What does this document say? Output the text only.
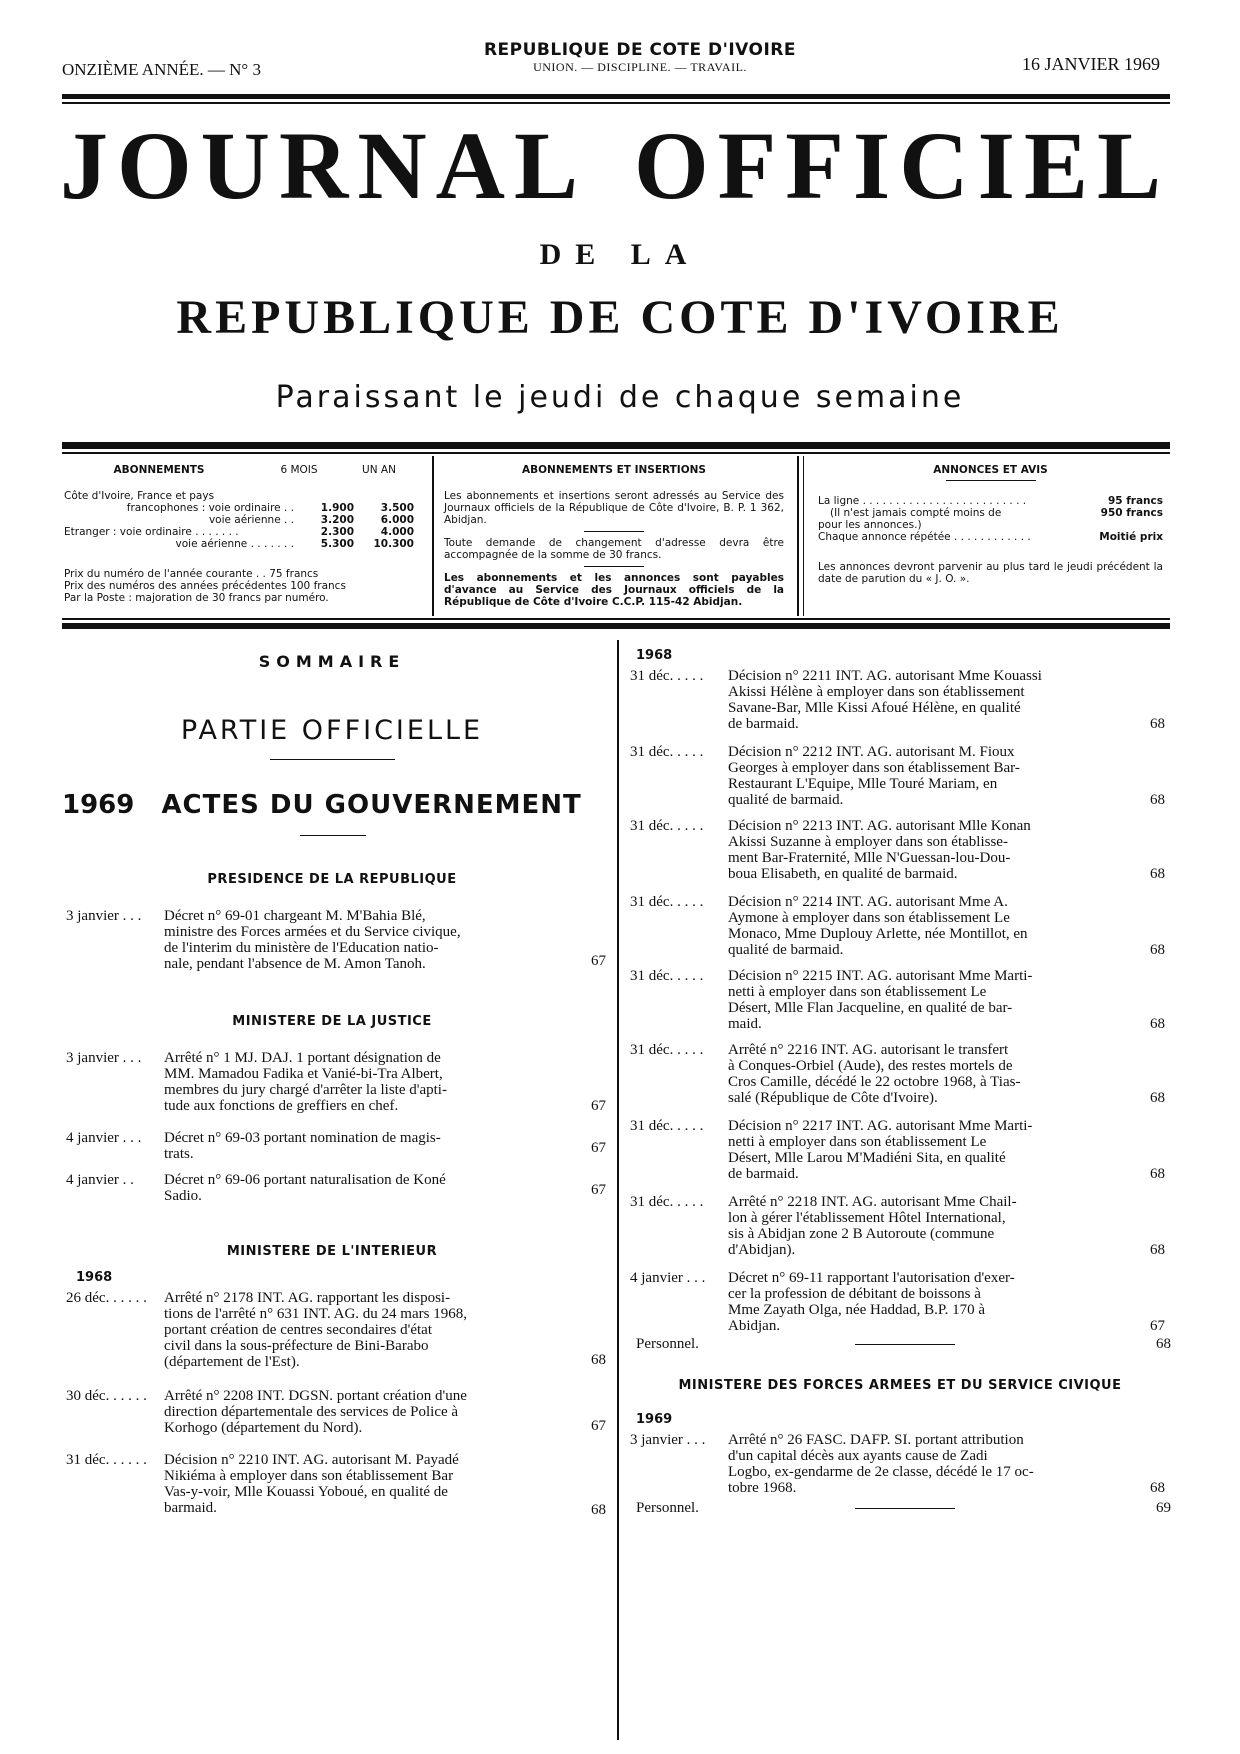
ONZIÈME ANNÉE. — N° 3
REPUBLIQUE DE COTE D'IVOIRE
UNION. — DISCIPLINE. — TRAVAIL.	16 JANVIER 1969
JOURNAL OFFICIEL
DE LA
REPUBLIQUE DE COTE D'IVOIRE
Paraissant le jeudi de chaque semaine
ABONNEMENTS	6 MOIS	UN AN
Côte d'Ivoire, France et pays
francophones : voie ordinaire . .	1.900	3.500
voie aérienne . .	3.200	6.000
Etranger : voie ordinaire . . . . . . .	2.300	4.000
voie aérienne . . . . . . .	5.300	10.300
Prix du numéro de l'année courante . . 75 francs
Prix des numéros des années précédentes 100 francs
Par la Poste : majoration de 30 francs par numéro.
ABONNEMENTS ET INSERTIONS
Les abonnements et insertions seront adressés au Service des Journaux officiels de la République de Côte d'Ivoire, B. P. 1 362, Abidjan.
Toute demande de changement d'adresse devra être accompagnée de la somme de 30 francs.
Les abonnements et les annonces sont payables d'avance au Service des Journaux officiels de la République de Côte d'Ivoire C.C.P. 115-42 Abidjan.
ANNONCES ET AVIS
La ligne . . . . . . . . . . . . . . . . . . . . . . . . .	95 francs
(Il n'est jamais compté moins de	950 francs
pour les annonces.)
Chaque annonce répétée . . . . . . . . . . . .	Moitié prix
Les annonces devront parvenir au plus tard le jeudi précédent la date de parution du « J. O. ».
SOMMAIRE
PARTIE OFFICIELLE
1969 ACTES DU GOUVERNEMENT
PRESIDENCE DE LA REPUBLIQUE
3 janvier . . .	Décret n° 69-01 chargeant M. M'Bahia Blé,
ministre des Forces armées et du Service civique,
de l'interim du ministère de l'Education natio-
nale, pendant l'absence de M. Amon Tanoh.	67
MINISTERE DE LA JUSTICE
3 janvier . . .	Arrêté n° 1 MJ. DAJ. 1 portant désignation de
MM. Mamadou Fadika et Vanié-bi-Tra Albert,
membres du jury chargé d'arrêter la liste d'apti-
tude aux fonctions de greffiers en chef.	67
4 janvier . . .	Décret n° 69-03 portant nomination de magis-
trats.	67
4 janvier . .	Décret n° 69-06 portant naturalisation de Koné
Sadio.	67
MINISTERE DE L'INTERIEUR
1968
26 déc. . . . . .	Arrêté n° 2178 INT. AG. rapportant les disposi-
tions de l'arrêté n° 631 INT. AG. du 24 mars 1968,
portant création de centres secondaires d'état
civil dans la sous-préfecture de Bini-Barabo
(département de l'Est).	68
30 déc. . . . . .	Arrêté n° 2208 INT. DGSN. portant création d'une
direction départementale des services de Police à
Korhogo (département du Nord).	67
31 déc. . . . . .	Décision n° 2210 INT. AG. autorisant M. Payadé
Nikiéma à employer dans son établissement Bar
Vas-y-voir, Mlle Kouassi Yoboué, en qualité de
barmaid.	68
1968
31 déc. . . . .	Décision n° 2211 INT. AG. autorisant Mme Kouassi
Akissi Hélène à employer dans son établissement
Savane-Bar, Mlle Kissi Afoué Hélène, en qualité
de barmaid.	68
31 déc. . . . .	Décision n° 2212 INT. AG. autorisant M. Fioux
Georges à employer dans son établissement Bar-
Restaurant L'Equipe, Mlle Touré Mariam, en
qualité de barmaid.	68
31 déc. . . . .	Décision n° 2213 INT. AG. autorisant Mlle Konan
Akissi Suzanne à employer dans son établisse-
ment Bar-Fraternité, Mlle N'Guessan-lou-Dou-
boua Elisabeth, en qualité de barmaid.	68
31 déc. . . . .	Décision n° 2214 INT. AG. autorisant Mme A.
Aymone à employer dans son établissement Le
Monaco, Mme Duplouy Arlette, née Montillot, en
qualité de barmaid.	68
31 déc. . . . .	Décision n° 2215 INT. AG. autorisant Mme Marti-
netti à employer dans son établissement Le
Désert, Mlle Flan Jacqueline, en qualité de bar-
maid.	68
31 déc. . . . .	Arrêté n° 2216 INT. AG. autorisant le transfert
à Conques-Orbiel (Aude), des restes mortels de
Cros Camille, décédé le 22 octobre 1968, à Tias-
salé (République de Côte d'Ivoire).	68
31 déc. . . . .	Décision n° 2217 INT. AG. autorisant Mme Marti-
netti à employer dans son établissement Le
Désert, Mlle Larou M'Madiéni Sita, en qualité
de barmaid.	68
31 déc. . . . .	Arrêté n° 2218 INT. AG. autorisant Mme Chail-
lon à gérer l'établissement Hôtel International,
sis à Abidjan zone 2 B Autoroute (commune
d'Abidjan).	68
4 janvier . . .	Décret n° 69-11 rapportant l'autorisation d'exer-
cer la profession de débitant de boissons à
Mme Zayath Olga, née Haddad, B.P. 170 à
Abidjan.	67
Personnel.	68
MINISTERE DES FORCES ARMEES ET DU SERVICE CIVIQUE
1969
3 janvier . . .	Arrêté n° 26 FASC. DAFP. SI. portant attribution
d'un capital décès aux ayants cause de Zadi
Logbo, ex-gendarme de 2e classe, décédé le 17 oc-
tobre 1968.	68
Personnel.	69
